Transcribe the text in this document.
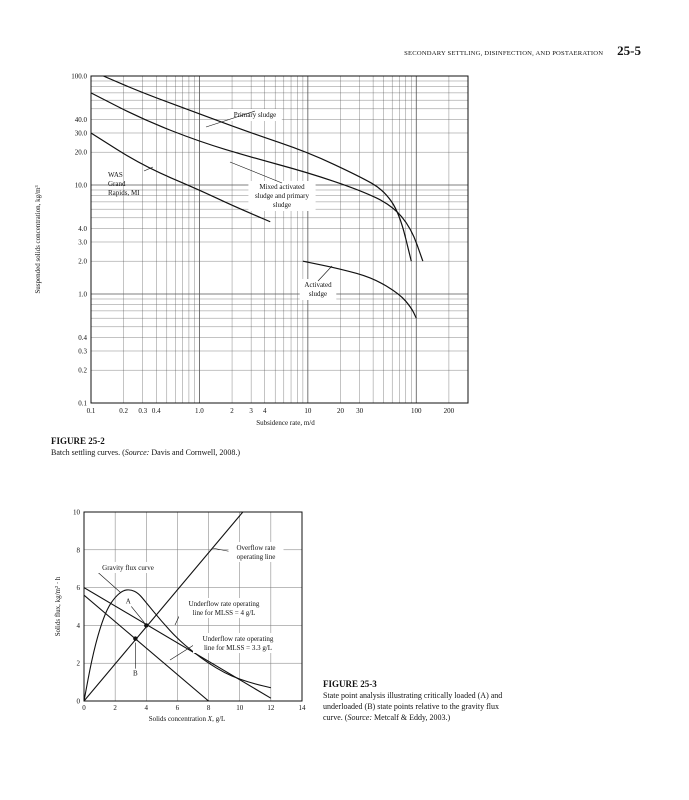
SECONDARY SETTLING, DISINFECTION, AND POSTAERATION 25-5
0.1	0.2 0.3 0.4	1.0	2 3 4	10	20 30	100	200
0.1
0.2
0.3
0.4
1.0
2.0
3.0
4.0
10.0
20.0
30.0
40.0
100.0
Subsidence rate, m/d
Suspended solids concentration, kg/m³
Primary sludge
Mixed activated
sludge and primary
sludge
WAS
Grand
Rapids, MI
Activated
sludge
FIGURE 25-2
Batch settling curves. (Source: Davis and Cornwell, 2008.)
0	2	4	6	8	10	12	14
0
2
4
6
8
10
Solids concentration X, g/L
Solids flux, kg/m² · h	A
B
Gravity flux curve
Overflow rate
operating line
Underflow rate operating
line for MLSS = 4 g/L
Underflow rate operating
line for MLSS = 3.3 g/L
FIGURE 25-3
State point analysis illustrating critically loaded (A) and
underloaded (B) state points relative to the gravity flux
curve. (Source: Metcalf & Eddy, 2003.)
